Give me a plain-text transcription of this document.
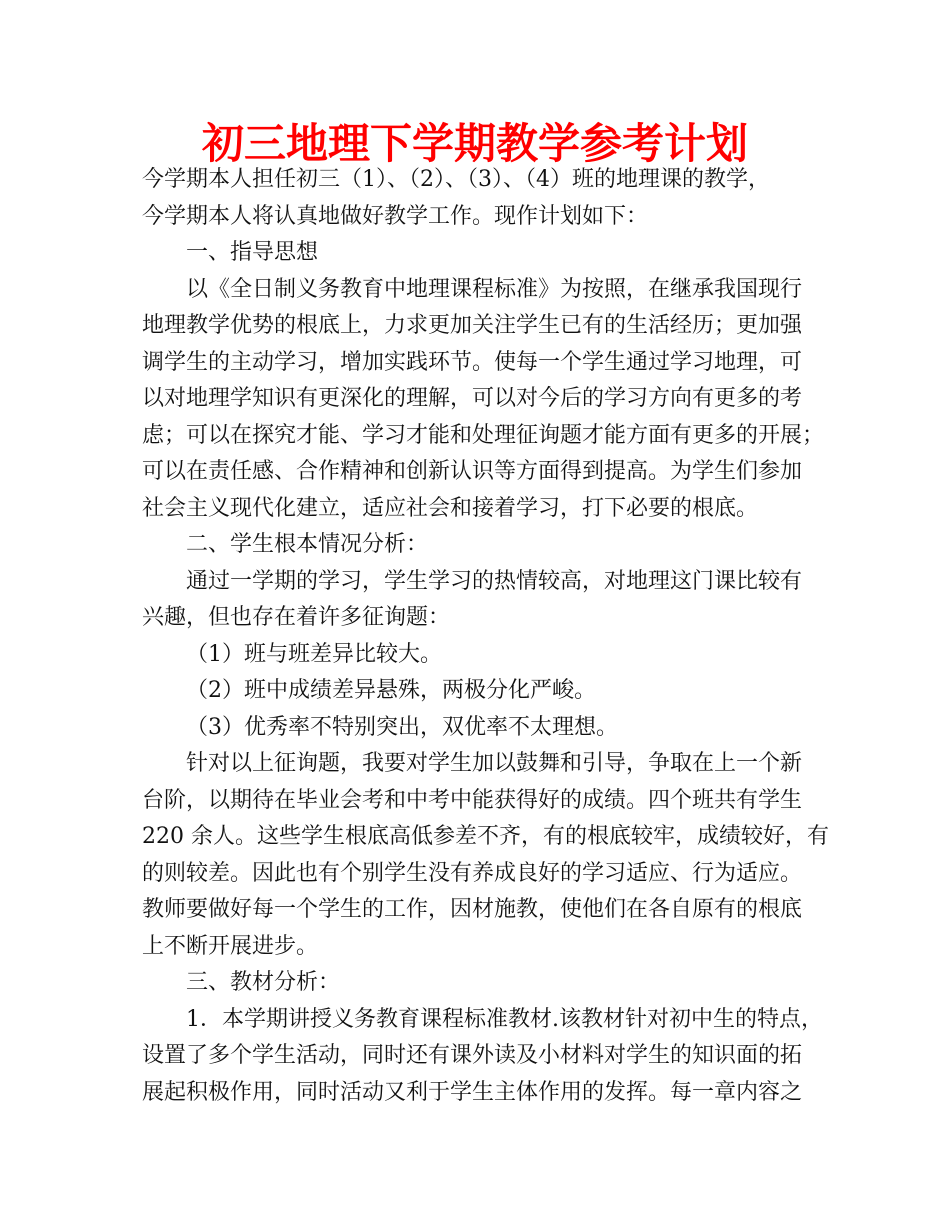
初三地理下学期教学参考计划
今学期本人担任初三（1）、（2）、（3）、（4）班的地理课的教学，
今学期本人将认真地做好教学工作。现作计划如下：
一、指导思想
以《全日制义务教育中地理课程标准》为按照，在继承我国现行
地理教学优势的根底上，力求更加关注学生已有的生活经历；更加强
调学生的主动学习，增加实践环节。使每一个学生通过学习地理，可
以对地理学知识有更深化的理解，可以对今后的学习方向有更多的考
虑；可以在探究才能、学习才能和处理征询题才能方面有更多的开展；
可以在责任感、合作精神和创新认识等方面得到提高。为学生们参加
社会主义现代化建立，适应社会和接着学习，打下必要的根底。
二、学生根本情况分析：
通过一学期的学习，学生学习的热情较高，对地理这门课比较有
兴趣，但也存在着许多征询题：
（1）班与班差异比较大。
（2）班中成绩差异悬殊，两极分化严峻。
（3）优秀率不特别突出，双优率不太理想。
针对以上征询题，我要对学生加以鼓舞和引导，争取在上一个新
台阶，以期待在毕业会考和中考中能获得好的成绩。四个班共有学生
220 余人。这些学生根底高低参差不齐，有的根底较牢，成绩较好，有
的则较差。因此也有个别学生没有养成良好的学习适应、行为适应。
教师要做好每一个学生的工作，因材施教，使他们在各自原有的根底
上不断开展进步。
三、教材分析：
1．本学期讲授义务教育课程标准教材.该教材针对初中生的特点，
设置了多个学生活动，同时还有课外读及小材料对学生的知识面的拓
展起积极作用，同时活动又利于学生主体作用的发挥。每一章内容之
